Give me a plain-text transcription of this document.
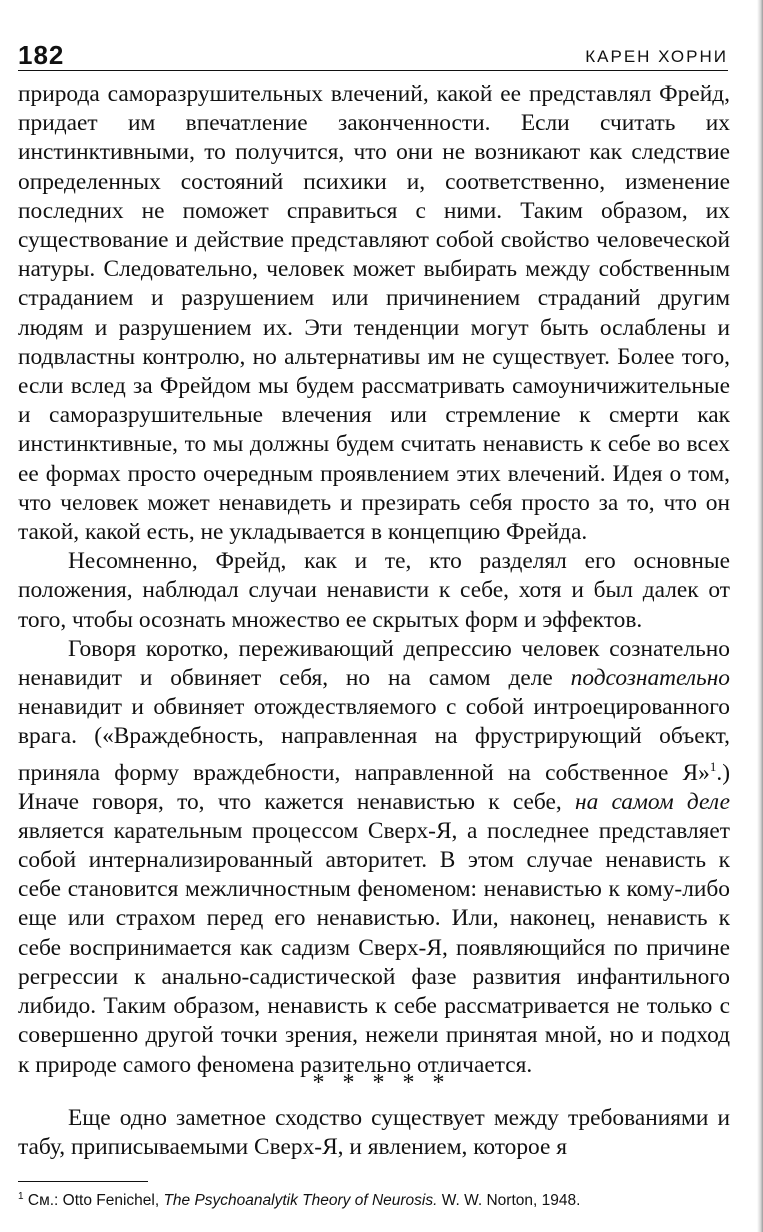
182	КАРЕН ХОРНИ

природа саморазрушительных влечений, какой ее представлял Фрейд, придает им впечатление законченности. Если считать их инстинктивными, то получится, что они не возникают как следствие определенных состояний психики и, соответственно, изменение последних не поможет справиться с ними. Таким образом, их существование и действие представляют собой свойство человеческой натуры. Следовательно, человек может выбирать между собственным страданием и разрушением или причинением страданий другим людям и разрушением их. Эти тенденции могут быть ослаблены и подвластны контролю, но альтернативы им не существует. Более того, если вслед за Фрейдом мы будем рассматривать самоуничижительные и саморазрушительные влечения или стремление к смерти как инстинктивные, то мы должны будем считать ненависть к себе во всех ее формах просто очередным проявлением этих влечений. Идея о том, что человек может ненавидеть и презирать себя просто за то, что он такой, какой есть, не укладывается в концепцию Фрейда.

Несомненно, Фрейд, как и те, кто разделял его основные положения, наблюдал случаи ненависти к себе, хотя и был далек от того, чтобы осознать множество ее скрытых форм и эффектов.

Говоря коротко, переживающий депрессию человек сознательно ненавидит и обвиняет себя, но на самом деле подсознательно ненавидит и обвиняет отождествляемого с собой интроецированного врага. («Враждебность, направленная на фрустрирующий объект, приняла форму враждебности, направленной на собственное Я»$^1$.) Иначе говоря, то, что кажется ненавистью к себе, на самом деле является карательным процессом Сверх-Я, а последнее представляет собой интернализированный авторитет. В этом случае ненависть к себе становится межличностным феноменом: ненавистью к кому-либо еще или страхом перед его ненавистью. Или, наконец, ненависть к себе воспринимается как садизм Сверх-Я, появляющийся по причине регрессии к анально-садистической фазе развития инфантильного либидо. Таким образом, ненависть к себе рассматривается не только с совершенно другой точки зрения, нежели принятая мной, но и подход к природе самого феномена разительно отличается.

* * * * *

Еще одно заметное сходство существует между требованиями и табу, приписываемыми Сверх-Я, и явлением, которое я

$^1$ См.: Otto Fenichel, The Psychoanalytik Theory of Neurosis. W. W. Norton, 1948.
